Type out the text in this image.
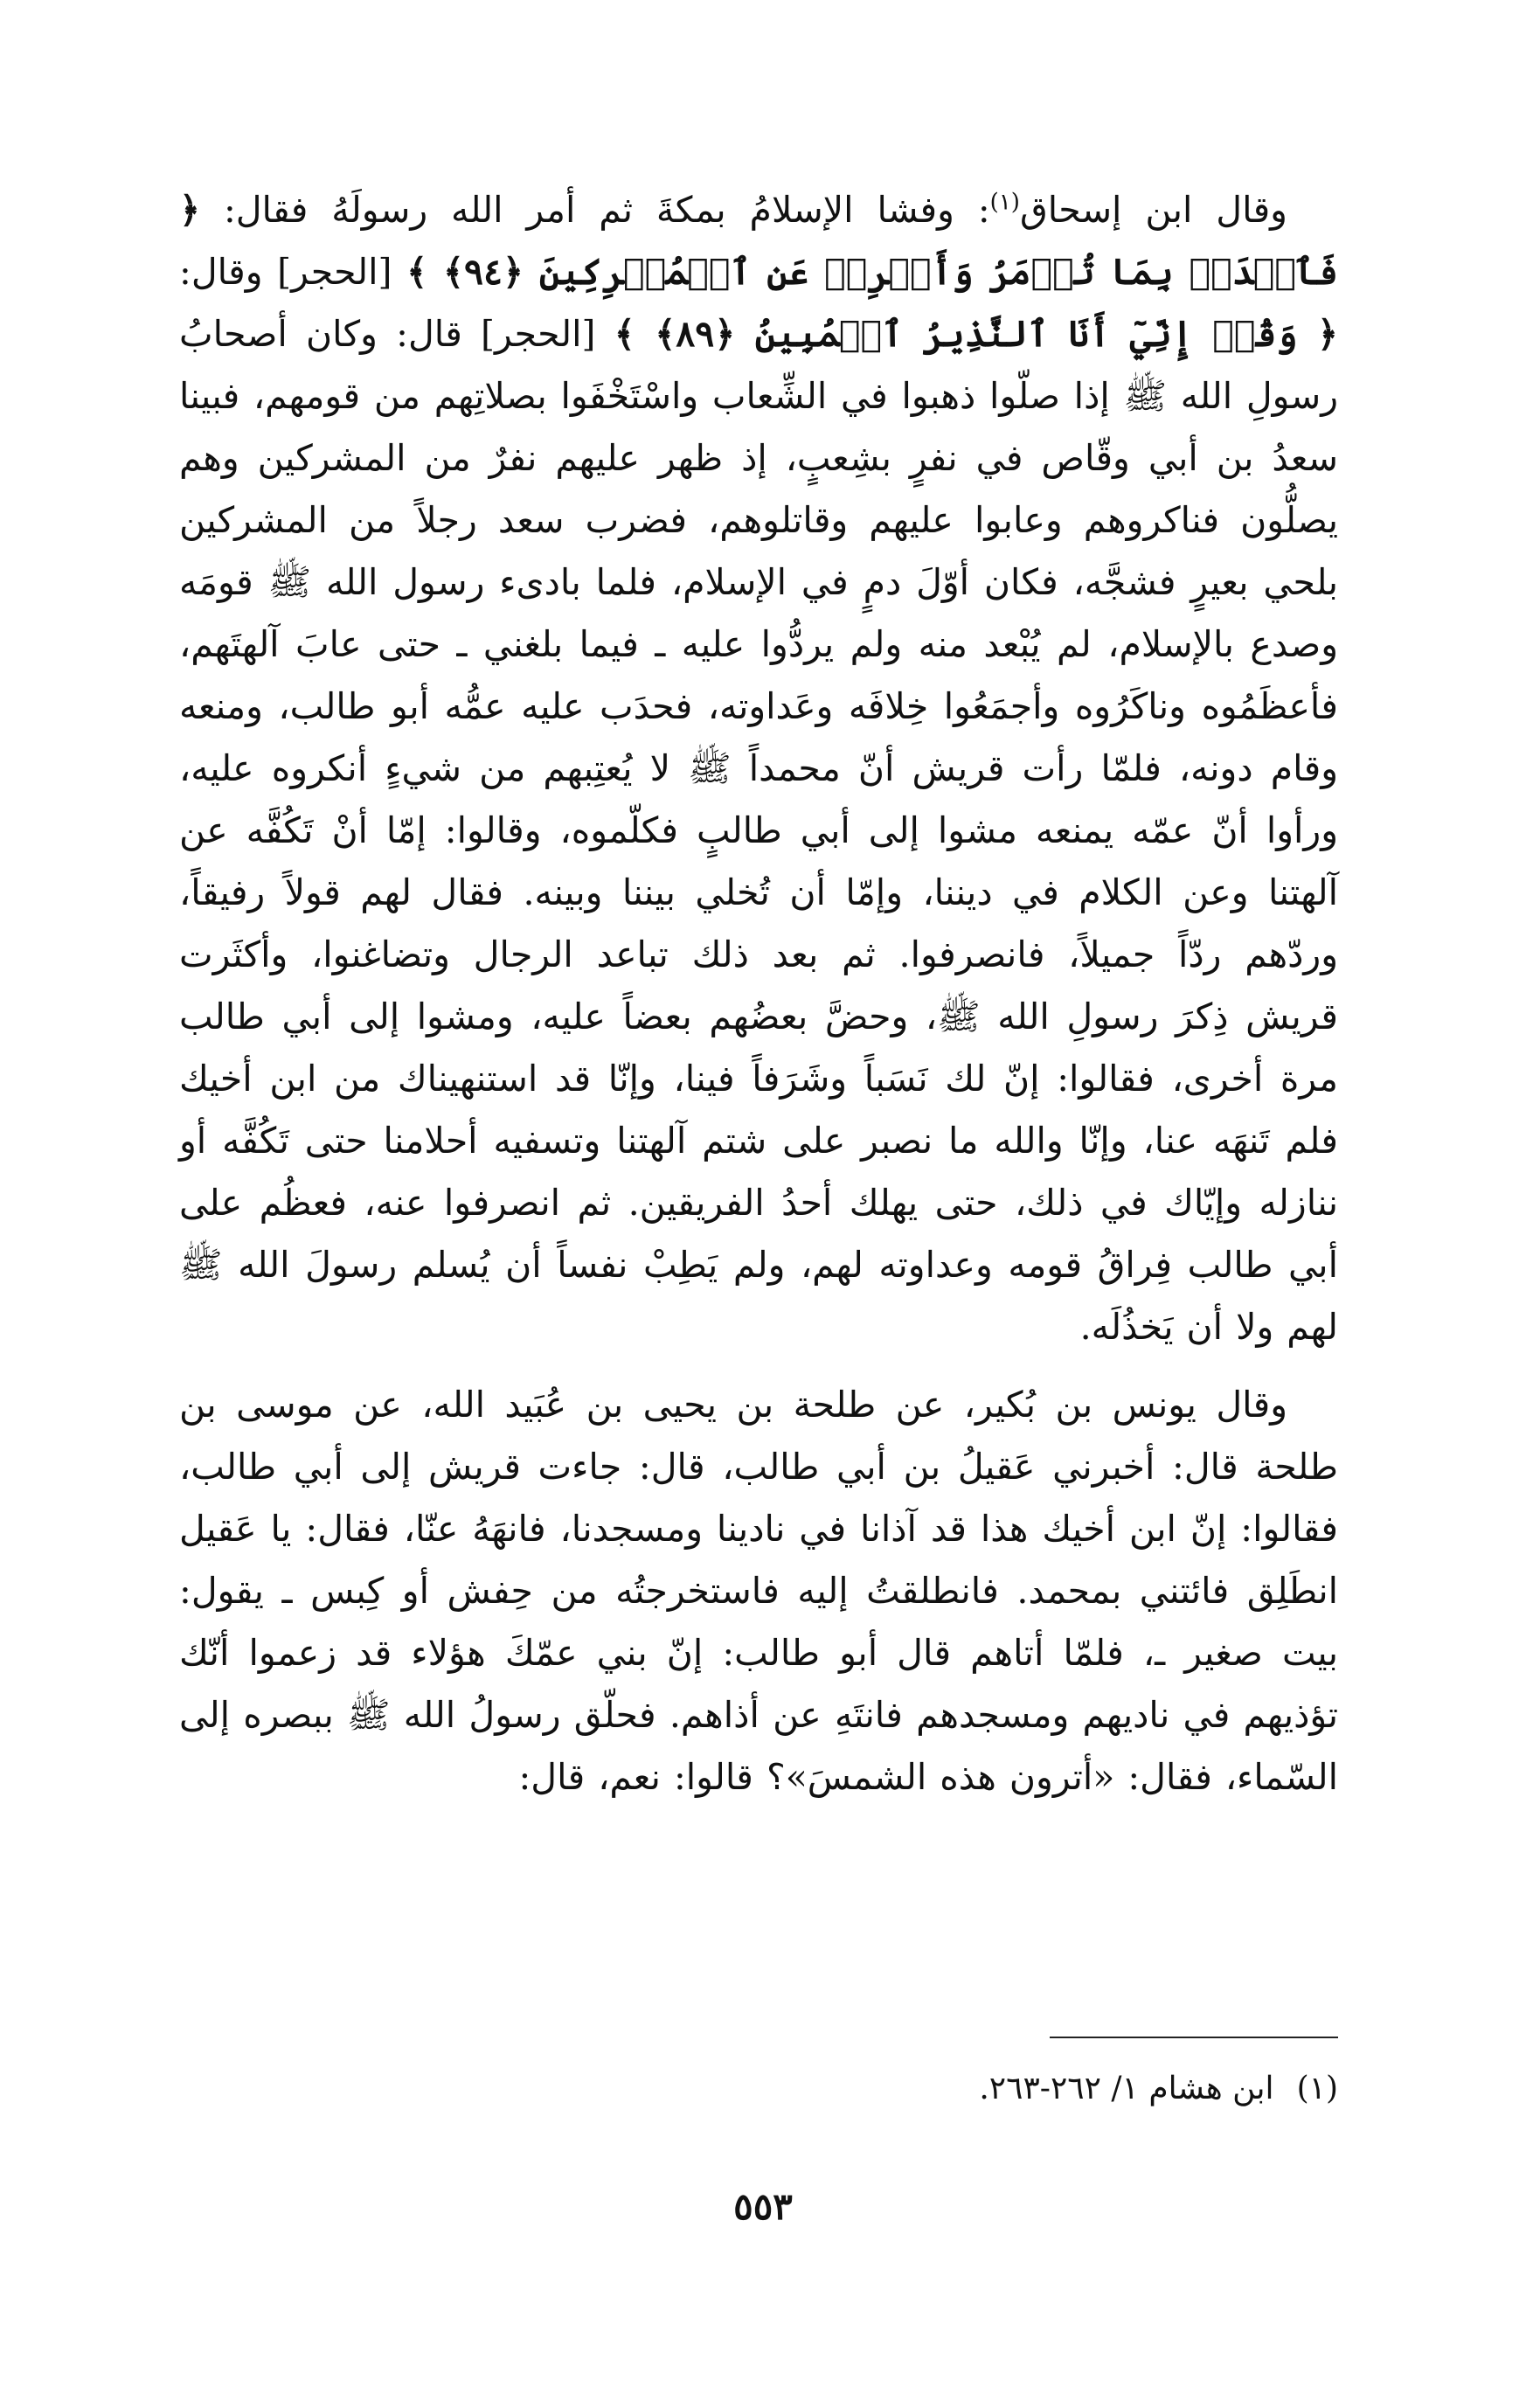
وقال ابن إسحاق$^{(١)}$: وفشا الإسلامُ بمكةَ ثم أمر الله رسولَهُ فقال: ﴿ فَٱصۡدَعۡ بِمَا تُؤۡمَرُ وَأَعۡرِضۡ عَنِ ٱلۡمُشۡرِكِينَ ﴿٩٤﴾ ﴾ [الحجر] وقال: ﴿ وَقُلۡ إِنِّيٓ أَنَا ٱلنَّذِيرُ ٱلۡمُبِينُ ﴿٨٩﴾ ﴾ [الحجر] قال: وكان أصحابُ رسولِ الله ﷺ إذا صلّوا ذهبوا في الشِّعاب واسْتَخْفَوا بصلاتِهم من قومهم، فبينا سعدُ بن أبي وقّاص في نفرٍ بشِعبٍ، إذ ظهر عليهم نفرٌ من المشركين وهم يصلُّون فناكروهم وعابوا عليهم وقاتلوهم، فضرب سعد رجلاً من المشركين بلحي بعيرٍ فشجَّه، فكان أوّلَ دمٍ في الإسلام، فلما بادىء رسول الله ﷺ قومَه وصدع بالإسلام، لم يُبْعد منه ولم يردُّوا عليه ـ فيما بلغني ـ حتى عابَ آلهتَهم، فأعظَمُوه وناكَرُوه وأجمَعُوا خِلافَه وعَداوته، فحدَب عليه عمُّه أبو طالب، ومنعه وقام دونه، فلمّا رأت قريش أنّ محمداً ﷺ لا يُعتِبهم من شيءٍ أنكروه عليه، ورأوا أنّ عمّه يمنعه مشوا إلى أبي طالبٍ فكلّموه، وقالوا: إمّا أنْ تَكُفَّه عن آلهتنا وعن الكلام في ديننا، وإمّا أن تُخلي بيننا وبينه. فقال لهم قولاً رفيقاً، وردّهم ردّاً جميلاً، فانصرفوا. ثم بعد ذلك تباعد الرجال وتضاغنوا، وأكثَرت قريش ذِكرَ رسولِ الله ﷺ، وحضَّ بعضُهم بعضاً عليه، ومشوا إلى أبي طالب مرة أخرى، فقالوا: إنّ لك نَسَباً وشَرَفاً فينا، وإنّا قد استنهيناك من ابن أخيك فلم تَنهَه عنا، وإنّا والله ما نصبر على شتم آلهتنا وتسفيه أحلامنا حتى تَكُفَّه أو ننازله وإيّاك في ذلك، حتى يهلك أحدُ الفريقين. ثم انصرفوا عنه، فعظُم على أبي طالب فِراقُ قومه وعداوته لهم، ولم يَطِبْ نفساً أن يُسلم رسولَ الله ﷺ لهم ولا أن يَخذُلَه.

وقال يونس بن بُكير، عن طلحة بن يحيى بن عُبَيد الله، عن موسى بن طلحة قال: أخبرني عَقيلُ بن أبي طالب، قال: جاءت قريش إلى أبي طالب، فقالوا: إنّ ابن أخيك هذا قد آذانا في نادينا ومسجدنا، فانهَهُ عنّا، فقال: يا عَقيل انطَلِق فائتني بمحمد. فانطلقتُ إليه فاستخرجتُه من حِفش أو كِبس ـ يقول: بيت صغير ـ، فلمّا أتاهم قال أبو طالب: إنّ بني عمّكَ هؤلاء قد زعموا أنّك تؤذيهم في ناديهم ومسجدهم فانتَهِ عن أذاهم. فحلّق رسولُ الله ﷺ ببصره إلى السّماء، فقال: «أترون هذه الشمسَ»؟ قالوا: نعم، قال:

(١)ابن هشام ١/ ٢٦٢-٢٦٣.
٥٥٣
